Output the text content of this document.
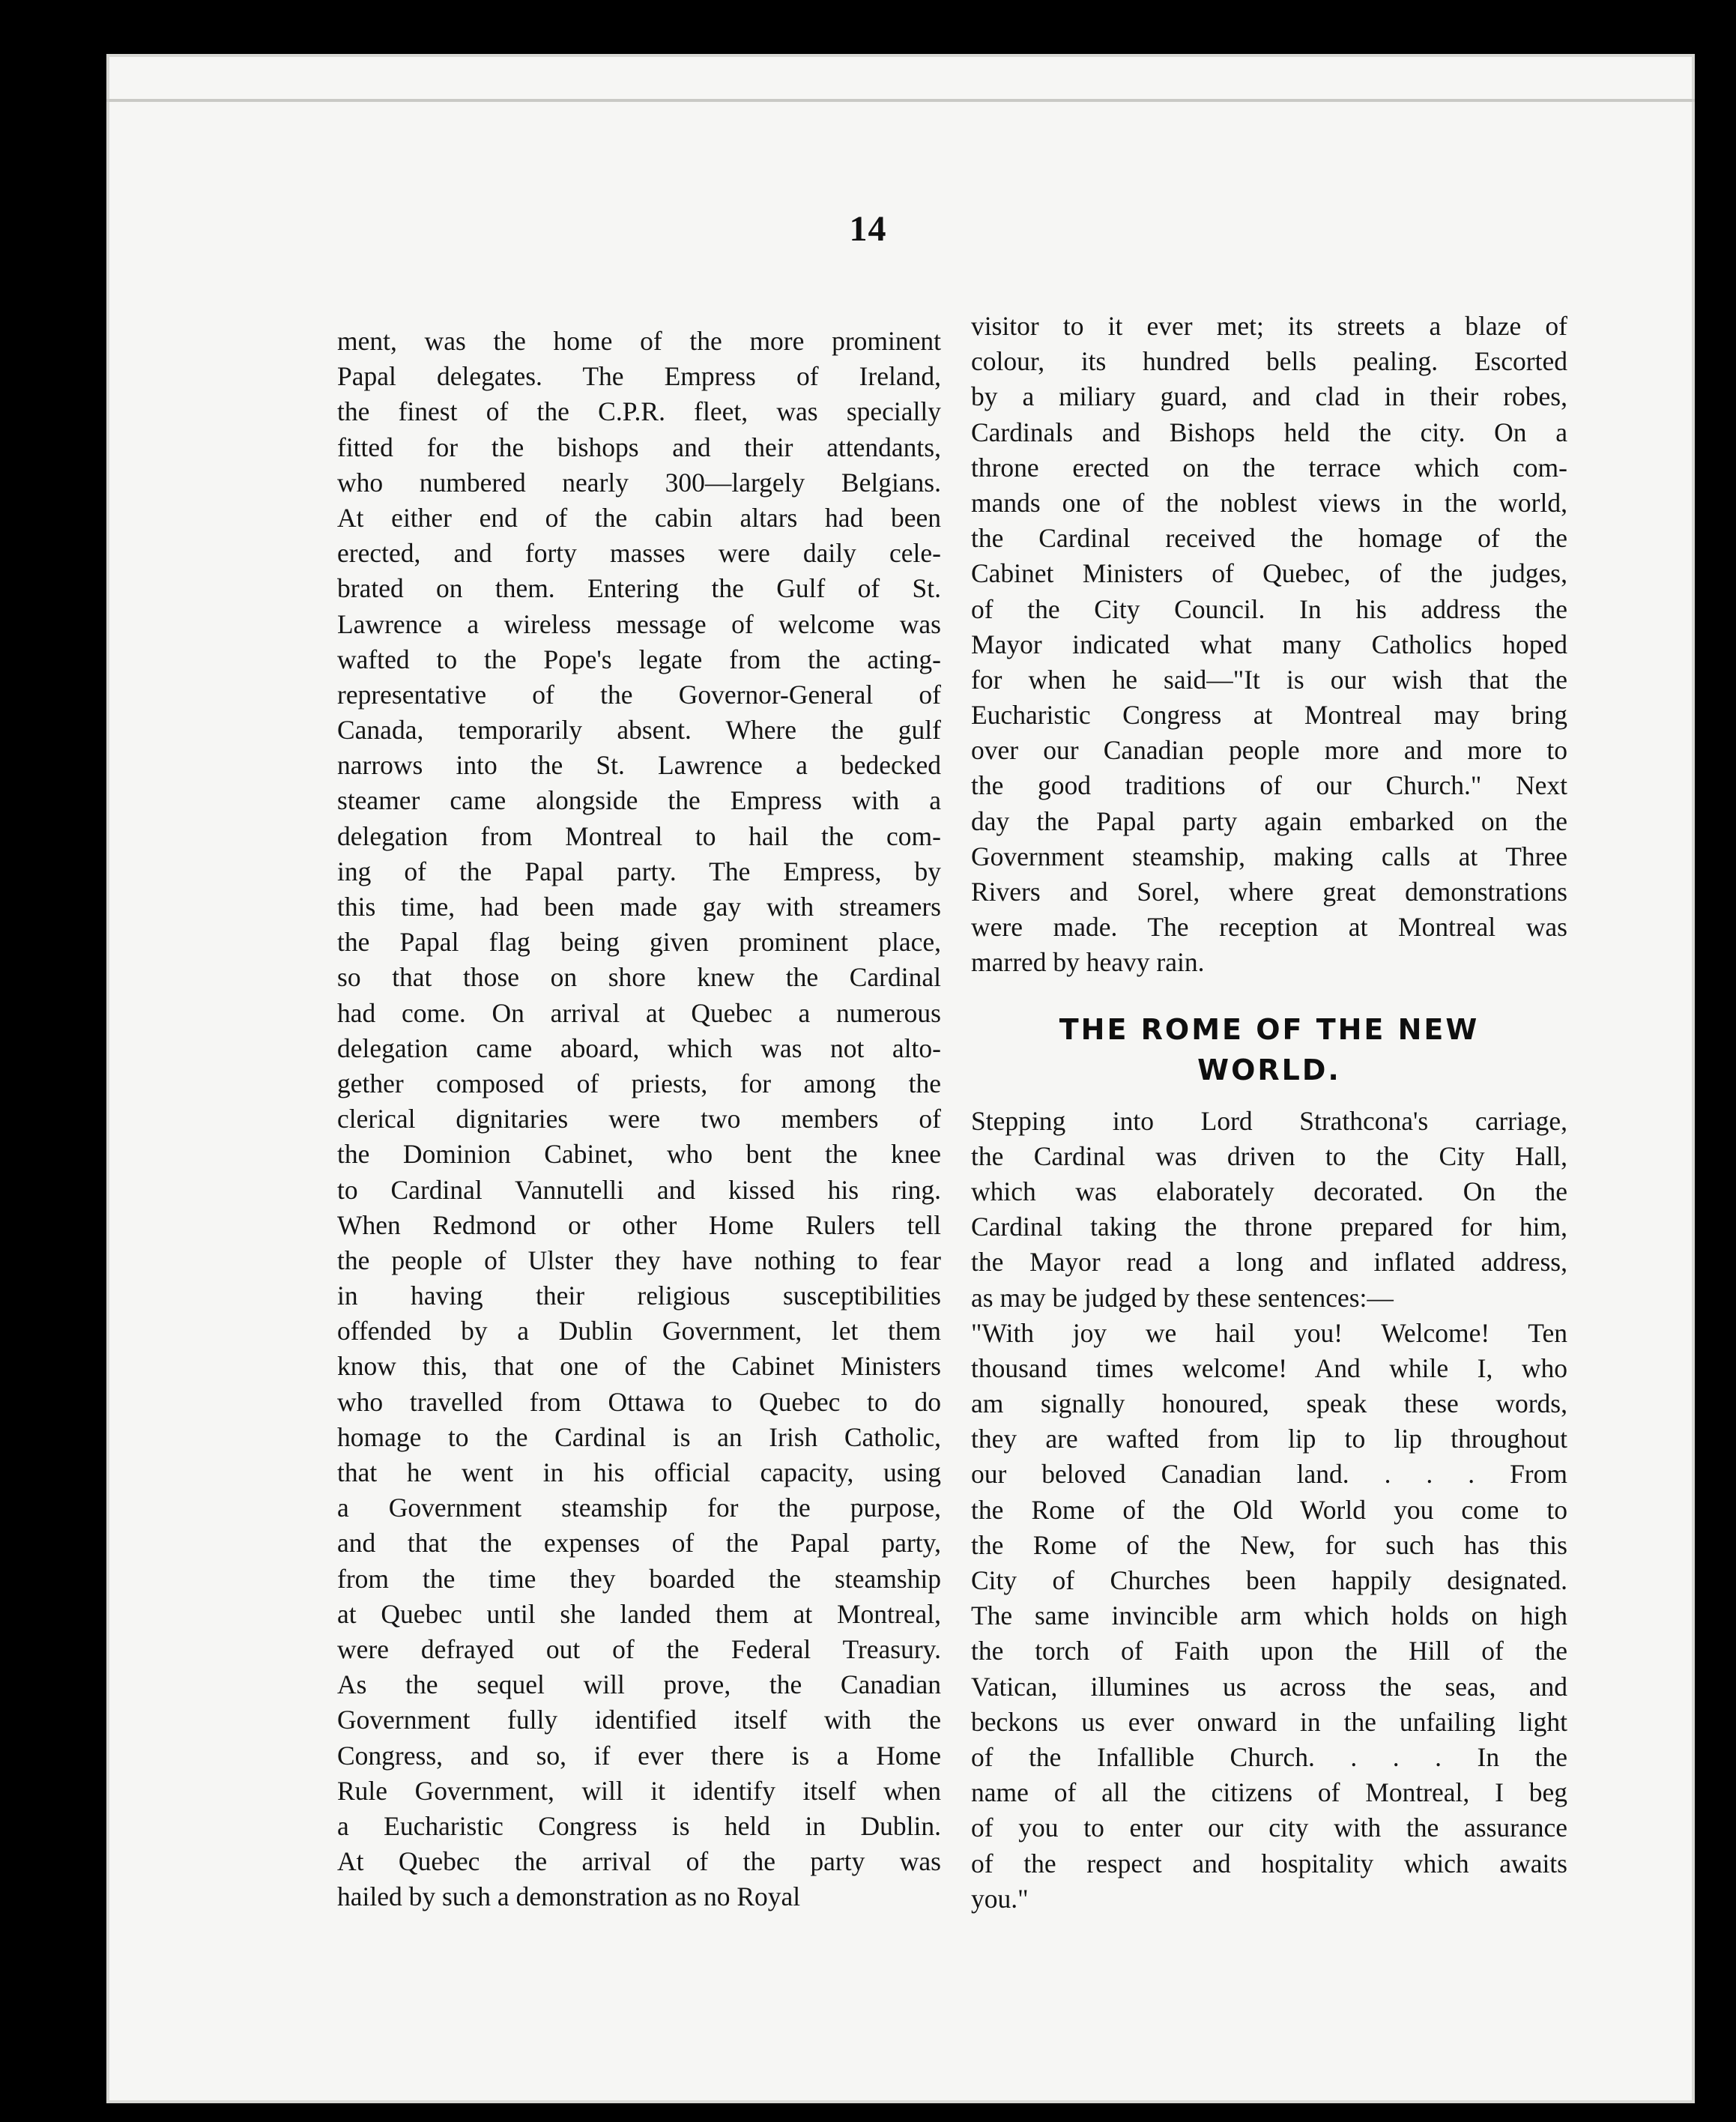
14
ment, was the home of the more prominent
Papal delegates. The Empress of Ireland,
the finest of the C.P.R. fleet, was specially
fitted for the bishops and their attendants,
who numbered nearly 300—largely Belgians.
At either end of the cabin altars had been
erected, and forty masses were daily cele-
brated on them. Entering the Gulf of St.
Lawrence a wireless message of welcome was
wafted to the Pope's legate from the acting-
representative of the Governor-General of
Canada, temporarily absent. Where the gulf
narrows into the St. Lawrence a bedecked
steamer came alongside the Empress with a
delegation from Montreal to hail the com-
ing of the Papal party. The Empress, by
this time, had been made gay with streamers
the Papal flag being given prominent place,
so that those on shore knew the Cardinal
had come. On arrival at Quebec a numerous
delegation came aboard, which was not alto-
gether composed of priests, for among the
clerical dignitaries were two members of
the Dominion Cabinet, who bent the knee
to Cardinal Vannutelli and kissed his ring.
When Redmond or other Home Rulers tell
the people of Ulster they have nothing to fear
in having their religious susceptibilities
offended by a Dublin Government, let them
know this, that one of the Cabinet Ministers
who travelled from Ottawa to Quebec to do
homage to the Cardinal is an Irish Catholic,
that he went in his official capacity, using
a Government steamship for the purpose,
and that the expenses of the Papal party,
from the time they boarded the steamship
at Quebec until she landed them at Montreal,
were defrayed out of the Federal Treasury.
As the sequel will prove, the Canadian
Government fully identified itself with the
Congress, and so, if ever there is a Home
Rule Government, will it identify itself when
a Eucharistic Congress is held in Dublin.
At Quebec the arrival of the party was
hailed by such a demonstration as no Royal
visitor to it ever met; its streets a blaze of
colour, its hundred bells pealing. Escorted
by a miliary guard, and clad in their robes,
Cardinals and Bishops held the city. On a
throne erected on the terrace which com-
mands one of the noblest views in the world,
the Cardinal received the homage of the
Cabinet Ministers of Quebec, of the judges,
of the City Council. In his address the
Mayor indicated what many Catholics hoped
for when he said—"It is our wish that the
Eucharistic Congress at Montreal may bring
over our Canadian people more and more to
the good traditions of our Church." Next
day the Papal party again embarked on the
Government steamship, making calls at Three
Rivers and Sorel, where great demonstrations
were made. The reception at Montreal was
marred by heavy rain.
THE ROME OF THE NEW
WORLD.
Stepping into Lord Strathcona's carriage,
the Cardinal was driven to the City Hall,
which was elaborately decorated. On the
Cardinal taking the throne prepared for him,
the Mayor read a long and inflated address,
as may be judged by these sentences:—
"With joy we hail you! Welcome! Ten
thousand times welcome! And while I, who
am signally honoured, speak these words,
they are wafted from lip to lip throughout
our beloved Canadian land. . . . From
the Rome of the Old World you come to
the Rome of the New, for such has this
City of Churches been happily designated.
The same invincible arm which holds on high
the torch of Faith upon the Hill of the
Vatican, illumines us across the seas, and
beckons us ever onward in the unfailing light
of the Infallible Church. . . . In the
name of all the citizens of Montreal, I beg
of you to enter our city with the assurance
of the respect and hospitality which awaits
you."
